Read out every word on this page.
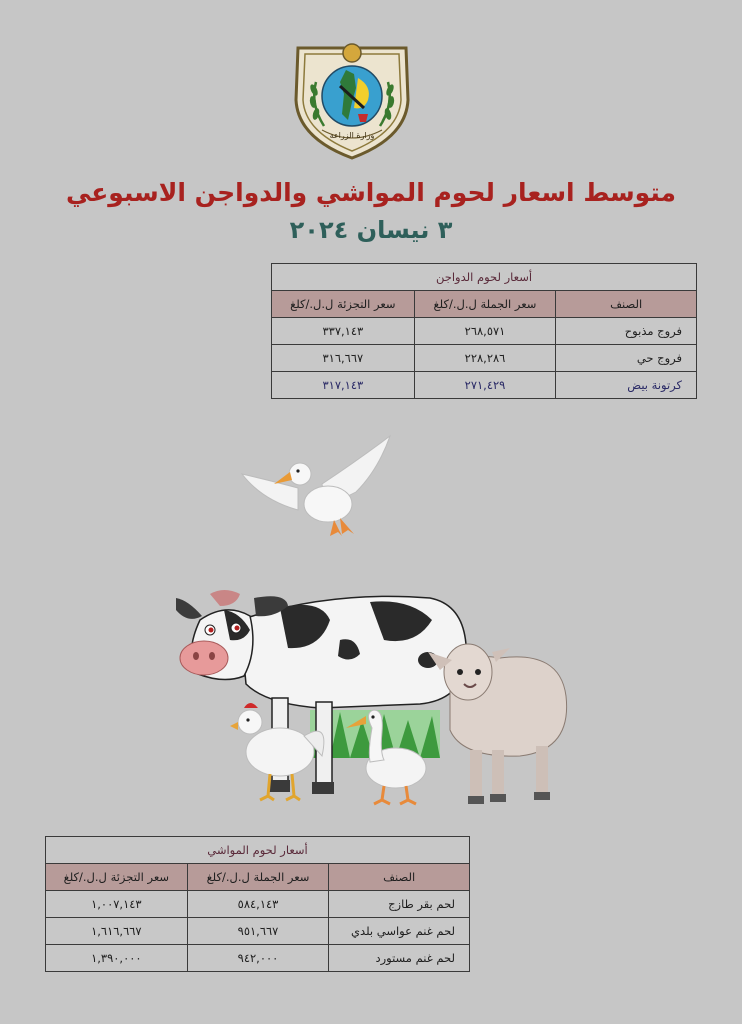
وزارة الزراعة
متوسط اسعار لحوم المواشي والدواجن الاسبوعي
٣ نيسان ٢٠٢٤
أسعار لحوم الدواجن		
الصنف	سعر الجملة ل.ل./كلغ	سعر التجزئة ل.ل./كلغ
فروج مذبوح	٢٦٨,٥٧١	٣٣٧,١٤٣
فروج حي	٢٢٨,٢٨٦	٣١٦,٦٦٧
كرتونة بيض	٢٧١,٤٢٩	٣١٧,١٤٣
أسعار لحوم المواشي		
الصنف	سعر الجملة ل.ل./كلغ	سعر التجزئة ل.ل./كلغ
لحم بقر طازج	٥٨٤,١٤٣	١,٠٠٧,١٤٣
لحم غنم عواسي بلدي	٩٥١,٦٦٧	١,٦١٦,٦٦٧
لحم غنم مستورد	٩٤٢,٠٠٠	١,٣٩٠,٠٠٠
